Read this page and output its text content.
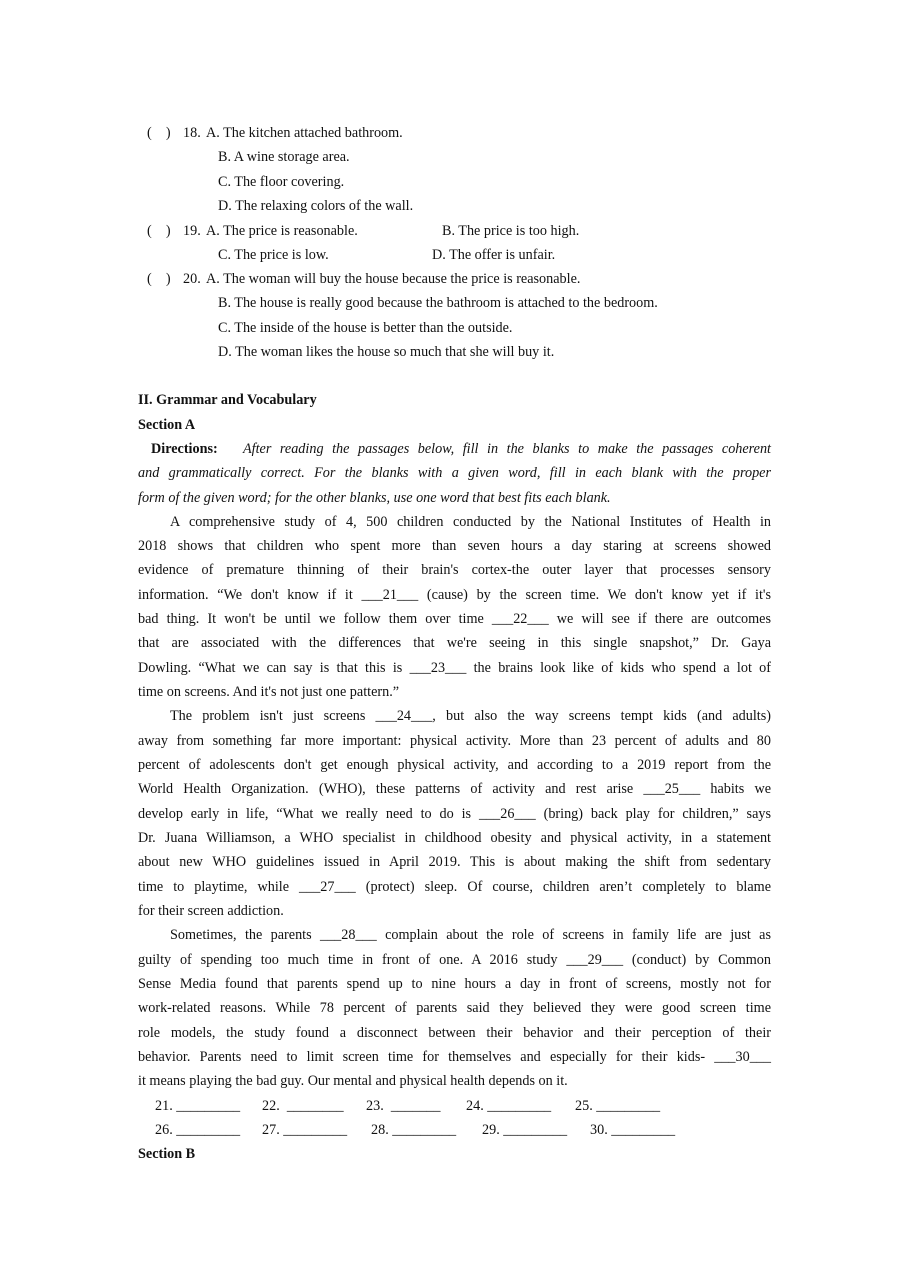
(    ) 18. A. The kitchen attached bathroom.
B. A wine storage area.
C. The floor covering.
D. The relaxing colors of the wall.
(    ) 19. A. The price is reasonable.	B. The price is too high.
C. The price is low.	D. The offer is unfair.
(    ) 20. A. The woman will buy the house because the price is reasonable.
B. The house is really good because the bathroom is attached to the bedroom.
C. The inside of the house is better than the outside.
D. The woman likes the house so much that she will buy it.
II. Grammar and Vocabulary
Section A
Directions: After reading the passages below, fill in the blanks to make the passages coherent
and grammatically correct. For the blanks with a given word, fill in each blank with the proper
form of the given word; for the other blanks, use one word that best fits each blank.
A comprehensive study of 4, 500 children conducted by the National Institutes of Health in
2018 shows that children who spent more than seven hours a day staring at screens showed
evidence of premature thinning of their brain's cortex-the outer layer that processes sensory
information. “We don't know if it ___21___ (cause) by the screen time. We don't know yet if it's
bad thing. It won't be until we follow them over time ___22___ we will see if there are outcomes
that are associated with the differences that we're seeing in this single snapshot,” Dr. Gaya
Dowling. “What we can say is that this is ___23___ the brains look like of kids who spend a lot of
time on screens. And it's not just one pattern.”
The problem isn't just screens ___24___, but also the way screens tempt kids (and adults)
away from something far more important: physical activity. More than 23 percent of adults and 80
percent of adolescents don't get enough physical activity, and according to a 2019 report from the
World Health Organization. (WHO), these patterns of activity and rest arise ___25___ habits we
develop early in life, “What we really need to do is ___26___ (bring) back play for children,” says
Dr. Juana Williamson, a WHO specialist in childhood obesity and physical activity, in a statement
about new WHO guidelines issued in April 2019. This is about making the shift from sedentary
time to playtime, while ___27___ (protect) sleep. Of course, children aren’t completely to blame
for their screen addiction.
Sometimes, the parents ___28___ complain about the role of screens in family life are just as
guilty of spending too much time in front of one. A 2016 study ___29___ (conduct) by Common
Sense Media found that parents spend up to nine hours a day in front of screens, mostly not for
work-related reasons. While 78 percent of parents said they believed they were good screen time
role models, the study found a disconnect between their behavior and their perception of their
behavior. Parents need to limit screen time for themselves and especially for their kids- ___30___
it means playing the bad guy. Our mental and physical health depends on it.
21. _________ 22.  ________ 23.  _______ 24. _________ 25. _________
26. _________ 27. _________ 28. _________ 29. _________ 30. _________
Section B
